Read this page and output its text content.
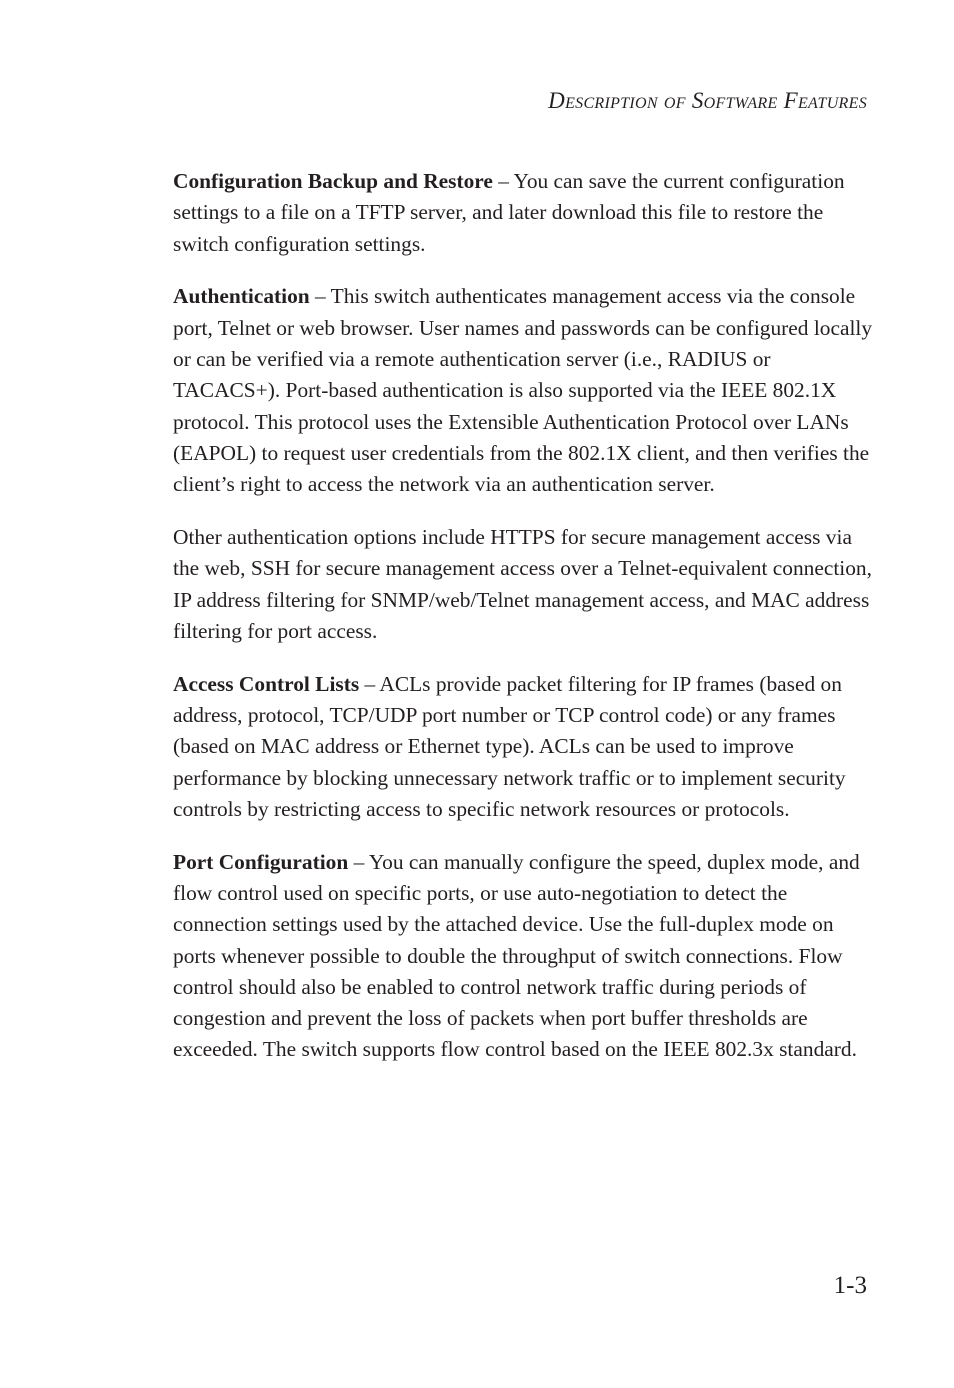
Description of Software Features

Configuration Backup and Restore – You can save the current configuration settings to a file on a TFTP server, and later download this file to restore the switch configuration settings.

Authentication – This switch authenticates management access via the console port, Telnet or web browser. User names and passwords can be configured locally or can be verified via a remote authentication server (i.e., RADIUS or TACACS+). Port-based authentication is also supported via the IEEE 802.1X protocol. This protocol uses the Extensible Authentication Protocol over LANs (EAPOL) to request user credentials from the 802.1X client, and then verifies the client’s right to access the network via an authentication server.

Other authentication options include HTTPS for secure management access via the web, SSH for secure management access over a Telnet-equivalent connection, IP address filtering for SNMP/web/Telnet management access, and MAC address filtering for port access.

Access Control Lists – ACLs provide packet filtering for IP frames (based on address, protocol, TCP/UDP port number or TCP control code) or any frames (based on MAC address or Ethernet type). ACLs can be used to improve performance by blocking unnecessary network traffic or to implement security controls by restricting access to specific network resources or protocols.

Port Configuration – You can manually configure the speed, duplex mode, and flow control used on specific ports, or use auto-negotiation to detect the connection settings used by the attached device. Use the full-duplex mode on ports whenever possible to double the throughput of switch connections. Flow control should also be enabled to control network traffic during periods of congestion and prevent the loss of packets when port buffer thresholds are exceeded. The switch supports flow control based on the IEEE 802.3x standard.

1-3
